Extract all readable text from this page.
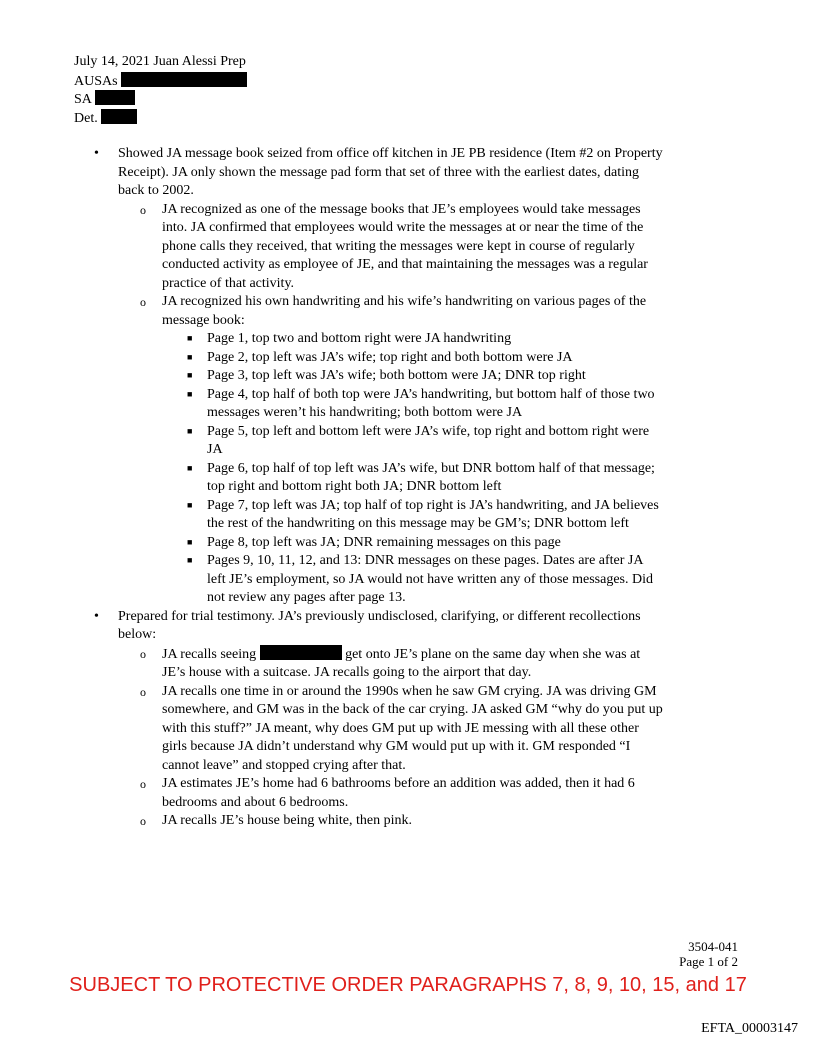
July 14, 2021 Juan Alessi Prep
AUSAs
SA
Det.
• Showed JA message book seized from office off kitchen in JE PB residence (Item #2 on Property Receipt). JA only shown the message pad form that set of three with the earliest dates, dating back to 2002.
o JA recognized as one of the message books that JE’s employees would take messages into. JA confirmed that employees would write the messages at or near the time of the phone calls they received, that writing the messages were kept in course of regularly conducted activity as employee of JE, and that maintaining the messages was a regular practice of that activity.
o JA recognized his own handwriting and his wife’s handwriting on various pages of the message book:
■ Page 1, top two and bottom right were JA handwriting
■ Page 2, top left was JA’s wife; top right and both bottom were JA
■ Page 3, top left was JA’s wife; both bottom were JA; DNR top right
■ Page 4, top half of both top were JA’s handwriting, but bottom half of those two messages weren’t his handwriting; both bottom were JA
■ Page 5, top left and bottom left were JA’s wife, top right and bottom right were JA
■ Page 6, top half of top left was JA’s wife, but DNR bottom half of that message; top right and bottom right both JA; DNR bottom left
■ Page 7, top left was JA; top half of top right is JA’s handwriting, and JA believes the rest of the handwriting on this message may be GM’s; DNR bottom left
■ Page 8, top left was JA; DNR remaining messages on this page
■ Pages 9, 10, 11, 12, and 13: DNR messages on these pages. Dates are after JA left JE’s employment, so JA would not have written any of those messages. Did not review any pages after page 13.
• Prepared for trial testimony. JA’s previously undisclosed, clarifying, or different recollections below:
o JA recalls seeing	get onto JE’s plane on the same day when she was at JE’s house with a suitcase. JA recalls going to the airport that day.
o JA recalls one time in or around the 1990s when he saw GM crying. JA was driving GM somewhere, and GM was in the back of the car crying. JA asked GM “why do you put up with this stuff?” JA meant, why does GM put up with JE messing with all these other girls because JA didn’t understand why GM would put up with it. GM responded “I cannot leave” and stopped crying after that.
o JA estimates JE’s home had 6 bathrooms before an addition was added, then it had 6 bedrooms and about 6 bedrooms.
o JA recalls JE’s house being white, then pink.
3504-041
Page 1 of 2
SUBJECT TO PROTECTIVE ORDER PARAGRAPHS 7, 8, 9, 10, 15, and 17
EFTA_00003147
